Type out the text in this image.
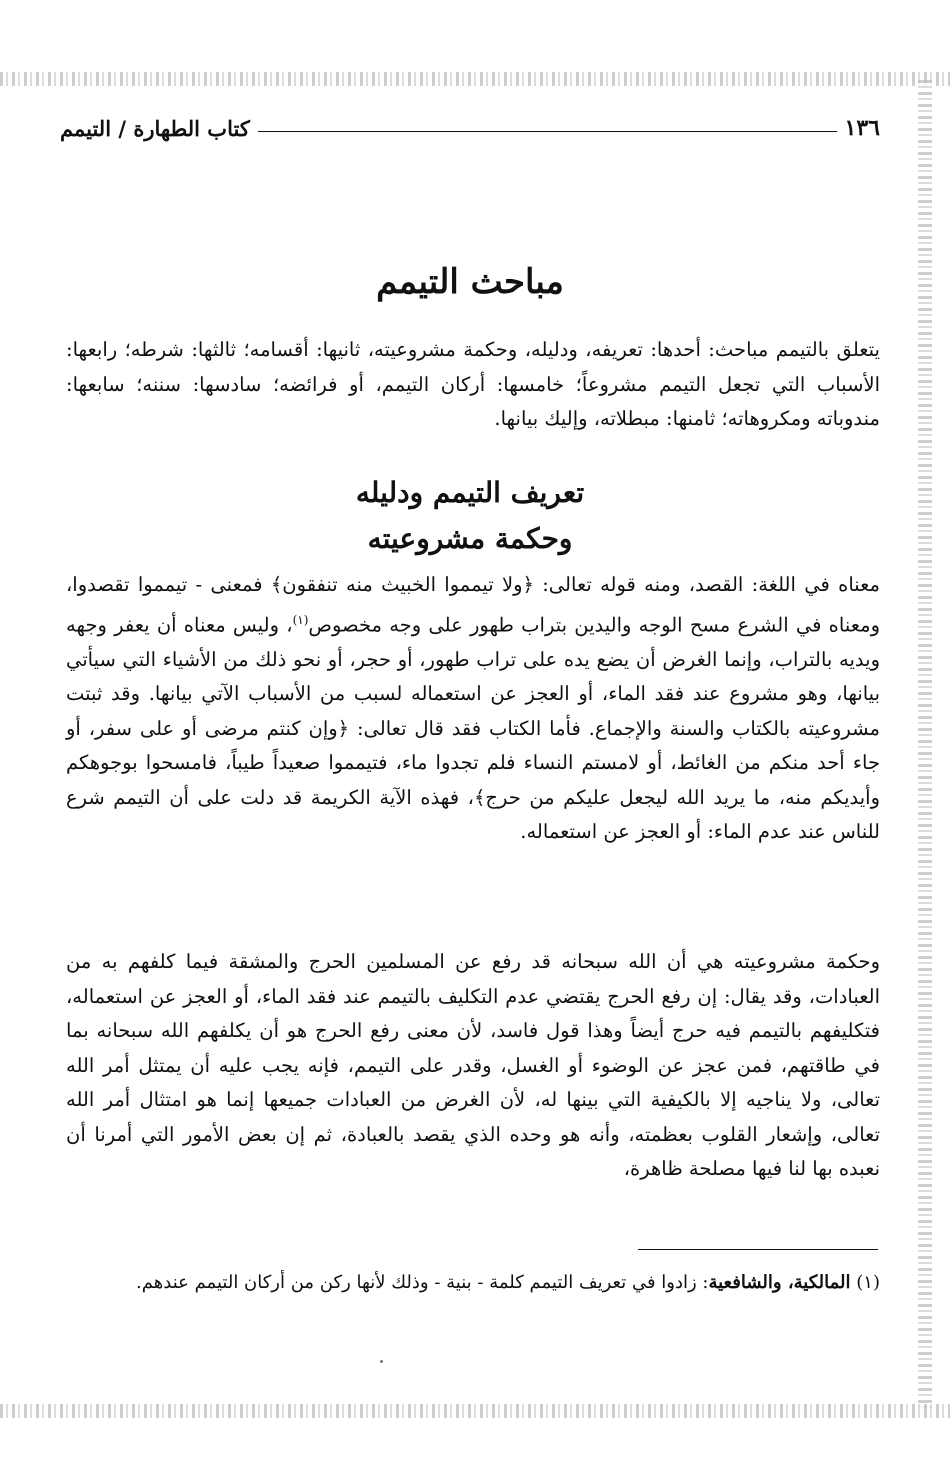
١٣٦
كتاب الطهارة / التيمم
مباحث التيمم
يتعلق بالتيمم مباحث: أحدها: تعريفه، ودليله، وحكمة مشروعيته، ثانيها: أقسامه؛ ثالثها: شرطه؛ رابعها: الأسباب التي تجعل التيمم مشروعاً؛ خامسها: أركان التيمم، أو فرائضه؛ سادسها: سننه؛ سابعها: مندوباته ومكروهاته؛ ثامنها: مبطلاته، وإليك بيانها.
تعريف التيمم ودليله
وحكمة مشروعيته
معناه في اللغة: القصد، ومنه قوله تعالى: ﴿ولا تيمموا الخبيث منه تنفقون﴾ فمعنى - تيمموا تقصدوا، ومعناه في الشرع مسح الوجه واليدين بتراب طهور على وجه مخصوص$^{(١)}$، وليس معناه أن يعفر وجهه ويديه بالتراب، وإنما الغرض أن يضع يده على تراب طهور، أو حجر، أو نحو ذلك من الأشياء التي سيأتي بيانها، وهو مشروع عند فقد الماء، أو العجز عن استعماله لسبب من الأسباب الآتي بيانها. وقد ثبتت مشروعيته بالكتاب والسنة والإجماع. فأما الكتاب فقد قال تعالى: ﴿وإن كنتم مرضى أو على سفر، أو جاء أحد منكم من الغائط، أو لامستم النساء فلم تجدوا ماء، فتيمموا صعيداً طيباً، فامسحوا بوجوهكم وأيديكم منه، ما يريد الله ليجعل عليكم من حرج﴾، فهذه الآية الكريمة قد دلت على أن التيمم شرع للناس عند عدم الماء: أو العجز عن استعماله.
وحكمة مشروعيته هي أن الله سبحانه قد رفع عن المسلمين الحرج والمشقة فيما كلفهم به من العبادات، وقد يقال: إن رفع الحرج يقتضي عدم التكليف بالتيمم عند فقد الماء، أو العجز عن استعماله، فتكليفهم بالتيمم فيه حرج أيضاً وهذا قول فاسد، لأن معنى رفع الحرج هو أن يكلفهم الله سبحانه بما في طاقتهم، فمن عجز عن الوضوء أو الغسل، وقدر على التيمم، فإنه يجب عليه أن يمتثل أمر الله تعالى، ولا يناجيه إلا بالكيفية التي بينها له، لأن الغرض من العبادات جميعها إنما هو امتثال أمر الله تعالى، وإشعار القلوب بعظمته، وأنه هو وحده الذي يقصد بالعبادة، ثم إن بعض الأمور التي أمرنا أن نعبده بها لنا فيها مصلحة ظاهرة،
(١) المالكية، والشافعية: زادوا في تعريف التيمم كلمة - بنية - وذلك لأنها ركن من أركان التيمم عندهم.
